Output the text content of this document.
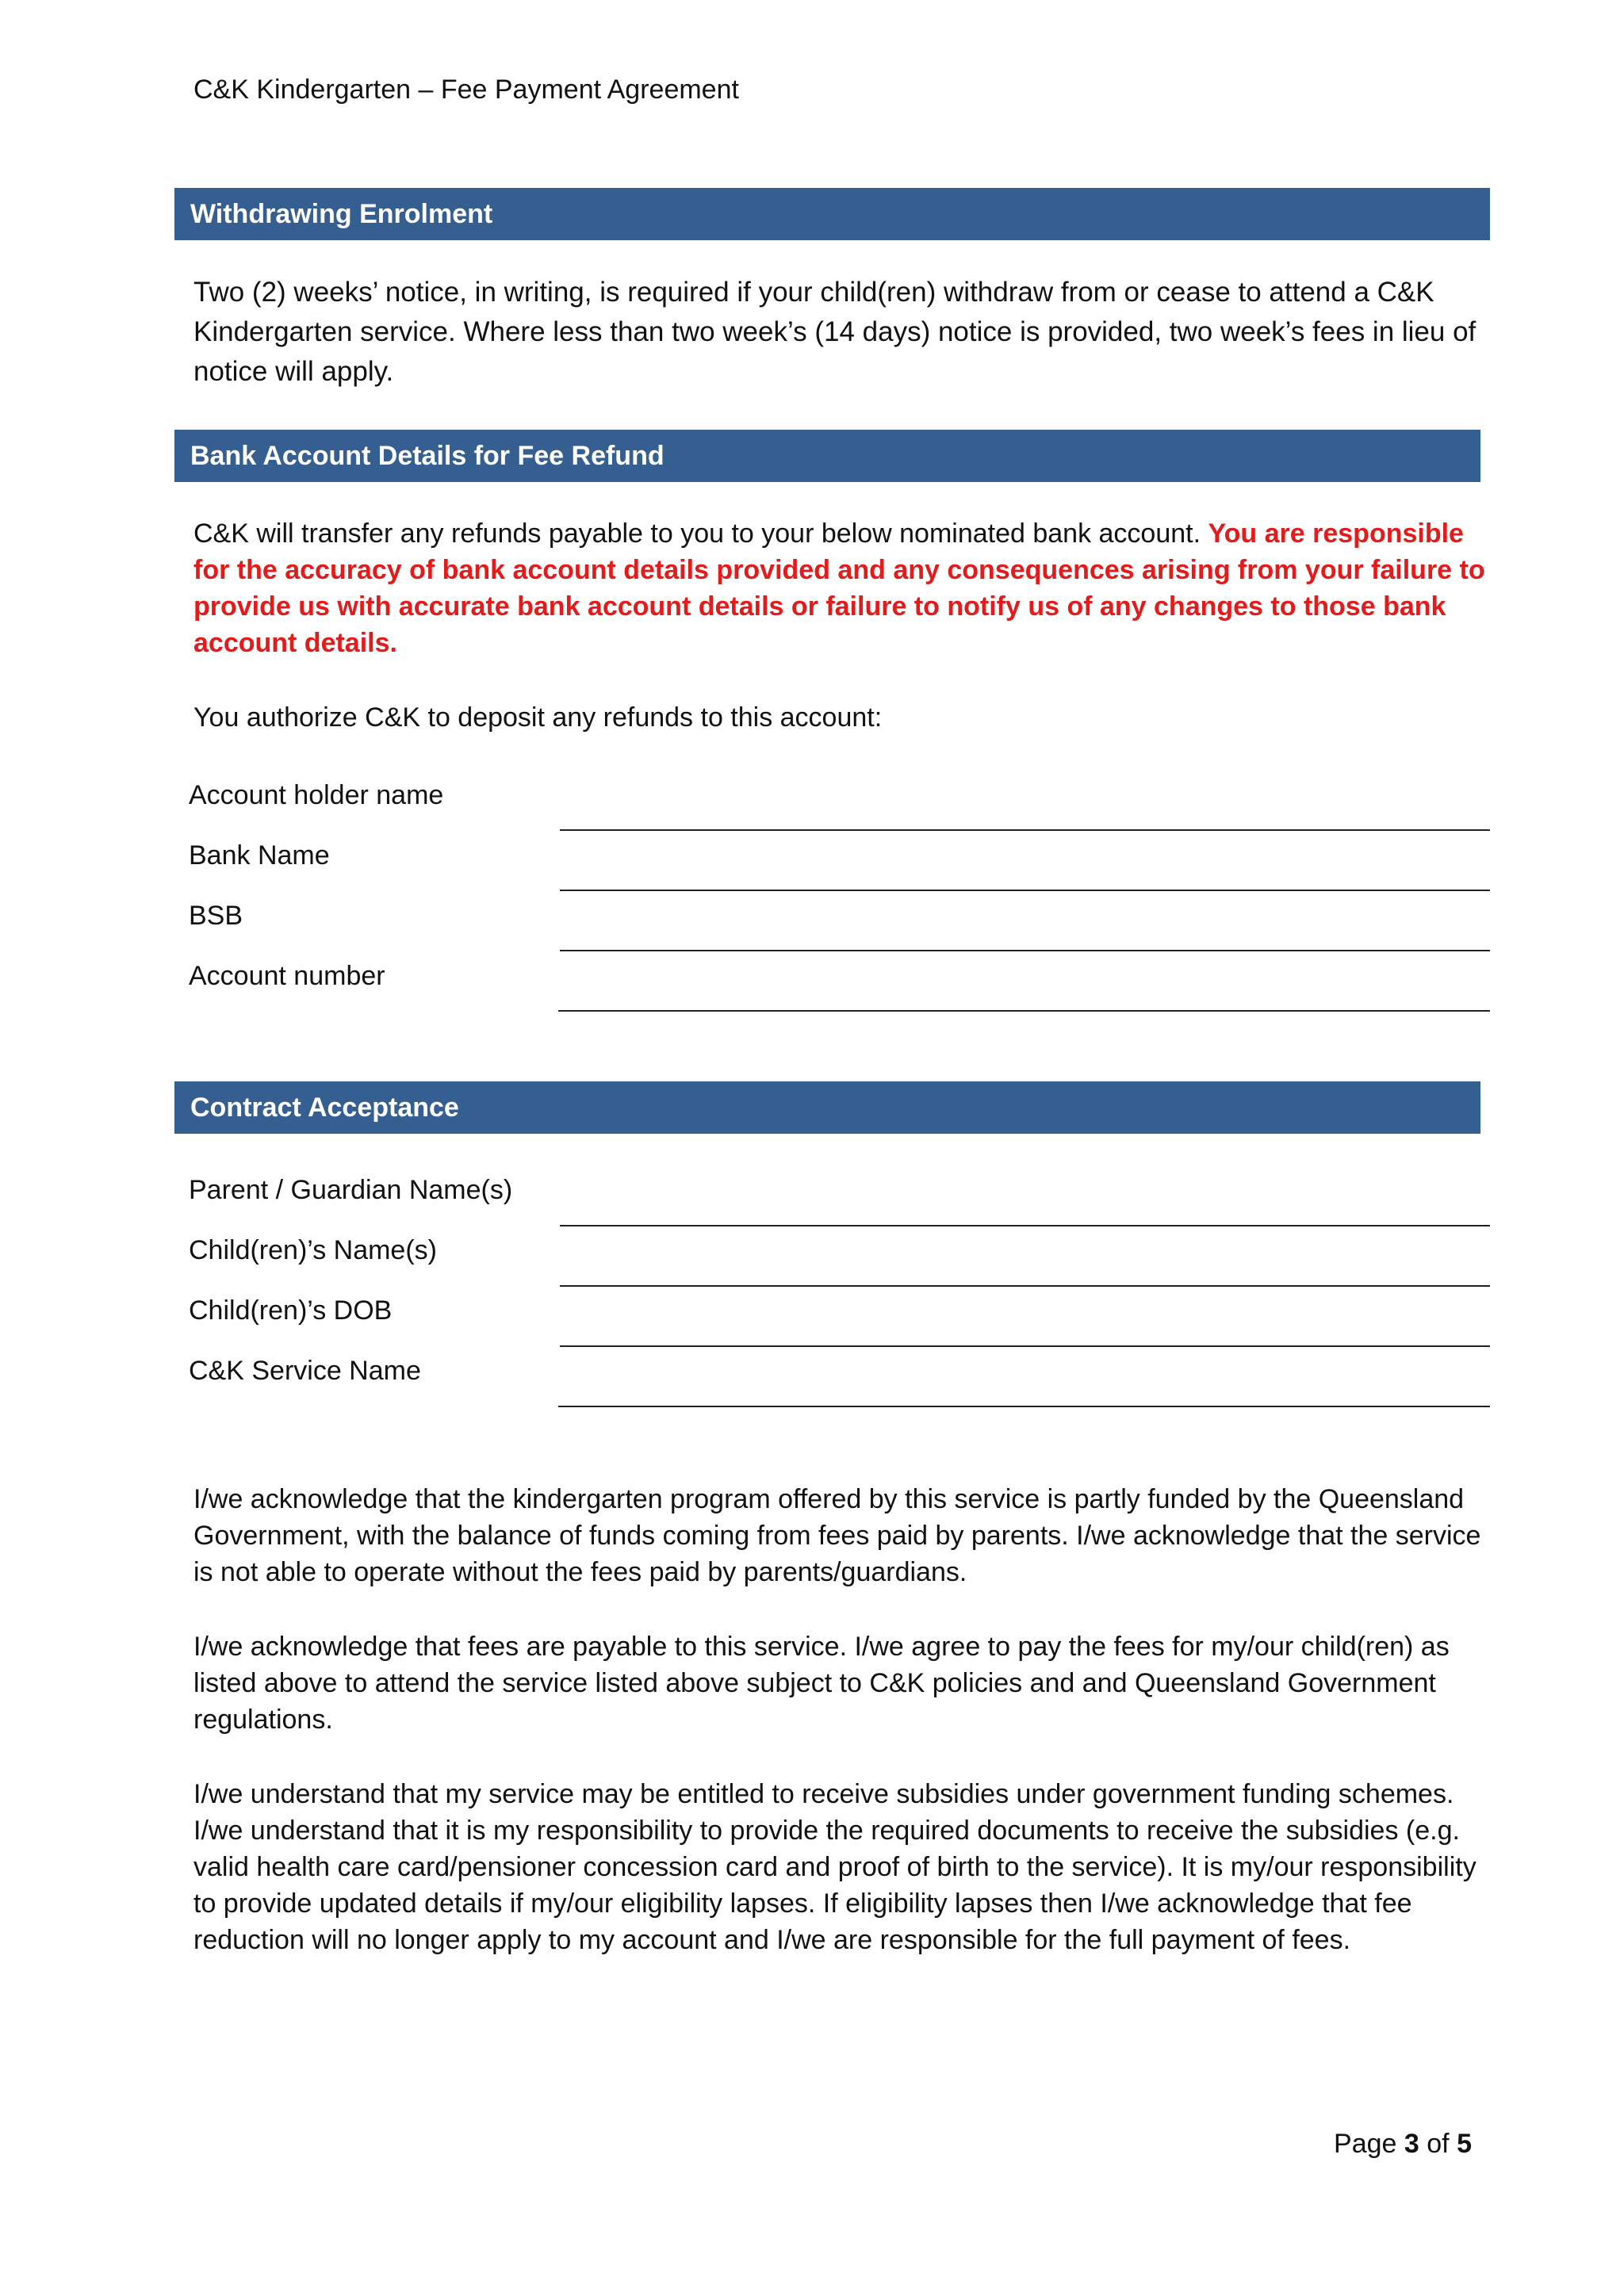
C&K Kindergarten – Fee Payment Agreement
Withdrawing Enrolment
Two (2) weeks’ notice, in writing, is required if your child(ren) withdraw from or cease to attend a C&K Kindergarten service. Where less than two week’s (14 days) notice is provided, two week’s fees in lieu of notice will apply.
Bank Account Details for Fee Refund
C&K will transfer any refunds payable to you to your below nominated bank account. You are responsible for the accuracy of bank account details provided and any consequences arising from your failure to provide us with accurate bank account details or failure to notify us of any changes to those bank account details.
You authorize C&K to deposit any refunds to this account:
Account holder name
Bank Name
BSB
Account number
Contract Acceptance
Parent / Guardian Name(s)
Child(ren)’s Name(s)
Child(ren)’s DOB
C&K Service Name
I/we acknowledge that the kindergarten program offered by this service is partly funded by the Queensland Government, with the balance of funds coming from fees paid by parents. I/we acknowledge that the service is not able to operate without the fees paid by parents/guardians.
I/we acknowledge that fees are payable to this service. I/we agree to pay the fees for my/our child(ren) as listed above to attend the service listed above subject to C&K policies and and Queensland Government regulations.
I/we understand that my service may be entitled to receive subsidies under government funding schemes. I/we understand that it is my responsibility to provide the required documents to receive the subsidies (e.g. valid health care card/pensioner concession card and proof of birth to the service). It is my/our responsibility to provide updated details if my/our eligibility lapses. If eligibility lapses then I/we acknowledge that fee reduction will no longer apply to my account and I/we are responsible for the full payment of fees.
Page 3 of 5
